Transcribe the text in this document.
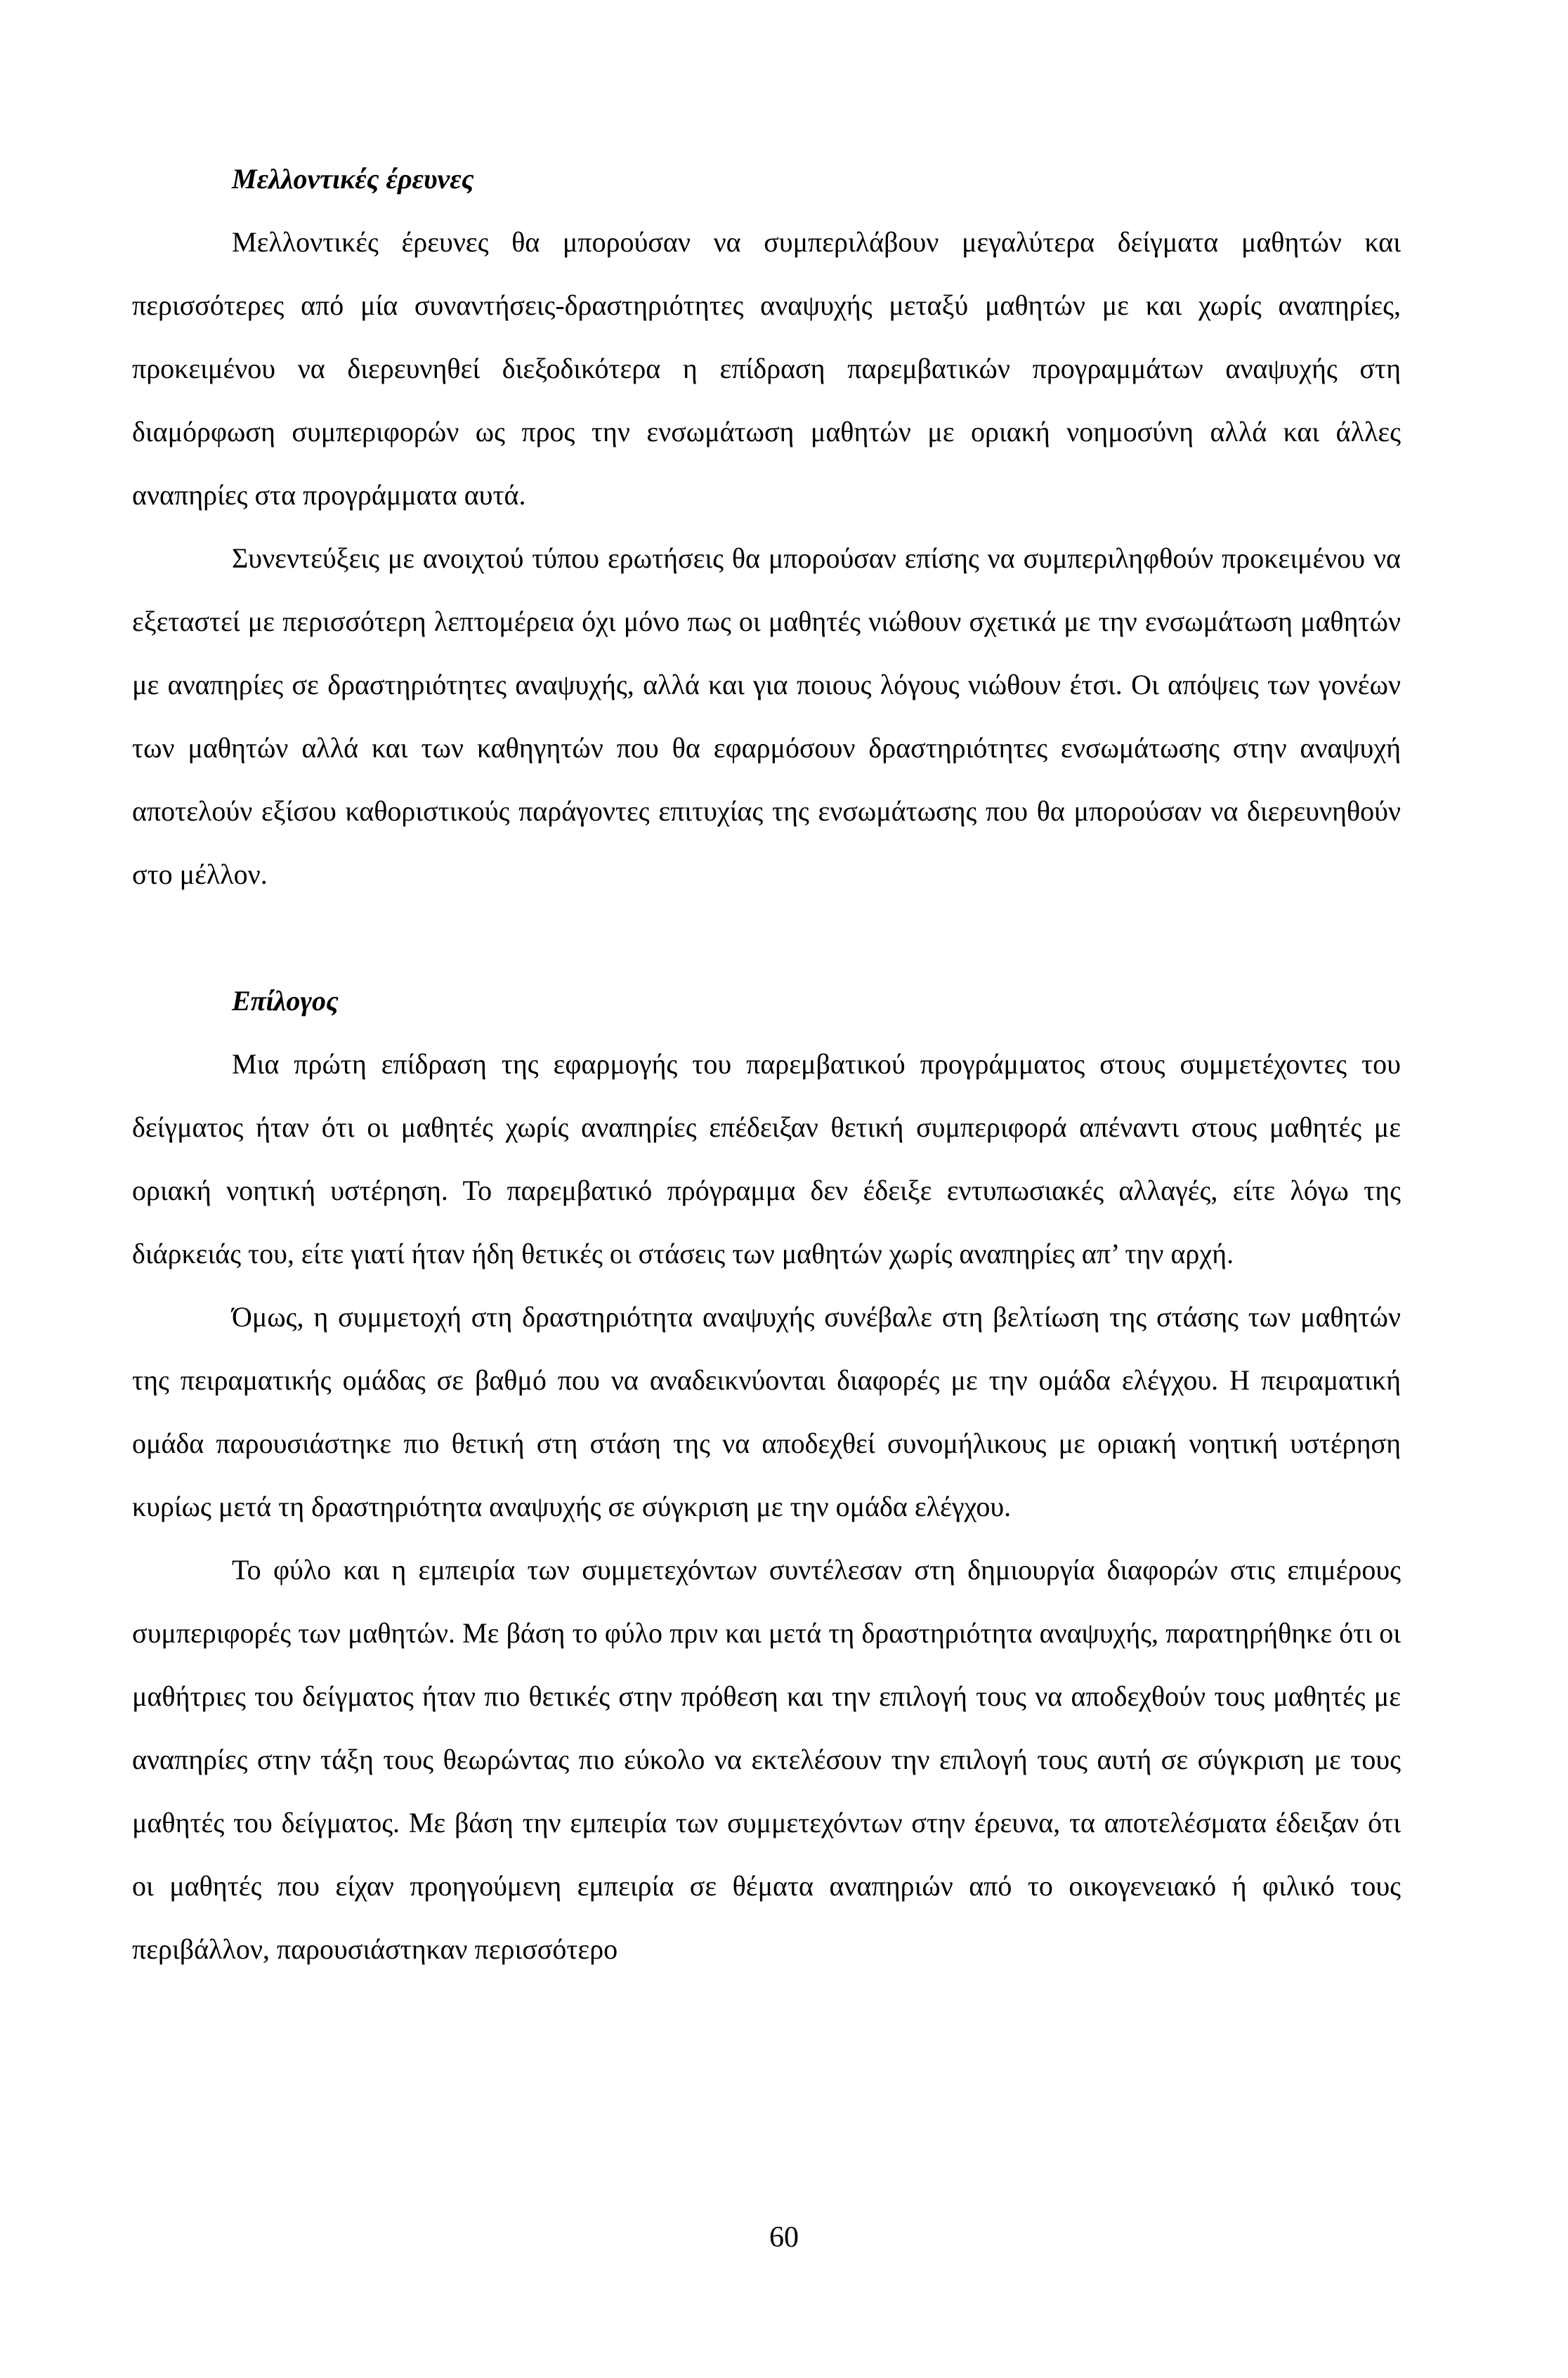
Μελλοντικές έρευνες

Μελλοντικές έρευνες θα μπορούσαν να συμπεριλάβουν μεγαλύτερα δείγματα μαθητών και περισσότερες από μία συναντήσεις-δραστηριότητες αναψυχής μεταξύ μαθητών με και χωρίς αναπηρίες, προκειμένου να διερευνηθεί διεξοδικότερα η επίδραση παρεμβατικών προγραμμάτων αναψυχής στη διαμόρφωση συμπεριφορών ως προς την ενσωμάτωση μαθητών με οριακή νοημοσύνη αλλά και άλλες αναπηρίες στα προγράμματα αυτά.

Συνεντεύξεις με ανοιχτού τύπου ερωτήσεις θα μπορούσαν επίσης να συμπεριληφθούν προκειμένου να εξεταστεί με περισσότερη λεπτομέρεια όχι μόνο πως οι μαθητές νιώθουν σχετικά με την ενσωμάτωση μαθητών με αναπηρίες σε δραστηριότητες αναψυχής, αλλά και για ποιους λόγους νιώθουν έτσι. Οι απόψεις των γονέων των μαθητών αλλά και των καθηγητών που θα εφαρμόσουν δραστηριότητες ενσωμάτωσης στην αναψυχή αποτελούν εξίσου καθοριστικούς παράγοντες επιτυχίας της ενσωμάτωσης που θα μπορούσαν να διερευνηθούν στο μέλλον.

Επίλογος

Μια πρώτη επίδραση της εφαρμογής του παρεμβατικού προγράμματος στους συμμετέχοντες του δείγματος ήταν ότι οι μαθητές χωρίς αναπηρίες επέδειξαν θετική συμπεριφορά απέναντι στους μαθητές με οριακή νοητική υστέρηση. Το παρεμβατικό πρόγραμμα δεν έδειξε εντυπωσιακές αλλαγές, είτε λόγω της διάρκειάς του, είτε γιατί ήταν ήδη θετικές οι στάσεις των μαθητών χωρίς αναπηρίες απ’ την αρχή.

Όμως, η συμμετοχή στη δραστηριότητα αναψυχής συνέβαλε στη βελτίωση της στάσης των μαθητών της πειραματικής ομάδας σε βαθμό που να αναδεικνύονται διαφορές με την ομάδα ελέγχου. Η πειραματική ομάδα παρουσιάστηκε πιο θετική στη στάση της να αποδεχθεί συνομήλικους με οριακή νοητική υστέρηση κυρίως μετά τη δραστηριότητα αναψυχής σε σύγκριση με την ομάδα ελέγχου.

Το φύλο και η εμπειρία των συμμετεχόντων συντέλεσαν στη δημιουργία διαφορών στις επιμέρους συμπεριφορές των μαθητών. Με βάση το φύλο πριν και μετά τη δραστηριότητα αναψυχής, παρατηρήθηκε ότι οι μαθήτριες του δείγματος ήταν πιο θετικές στην πρόθεση και την επιλογή τους να αποδεχθούν τους μαθητές με αναπηρίες στην τάξη τους θεωρώντας πιο εύκολο να εκτελέσουν την επιλογή τους αυτή σε σύγκριση με τους μαθητές του δείγματος. Με βάση την εμπειρία των συμμετεχόντων στην έρευνα, τα αποτελέσματα έδειξαν ότι οι μαθητές που είχαν προηγούμενη εμπειρία σε θέματα αναπηριών από το οικογενειακό ή φιλικό τους περιβάλλον, παρουσιάστηκαν περισσότερο

60
